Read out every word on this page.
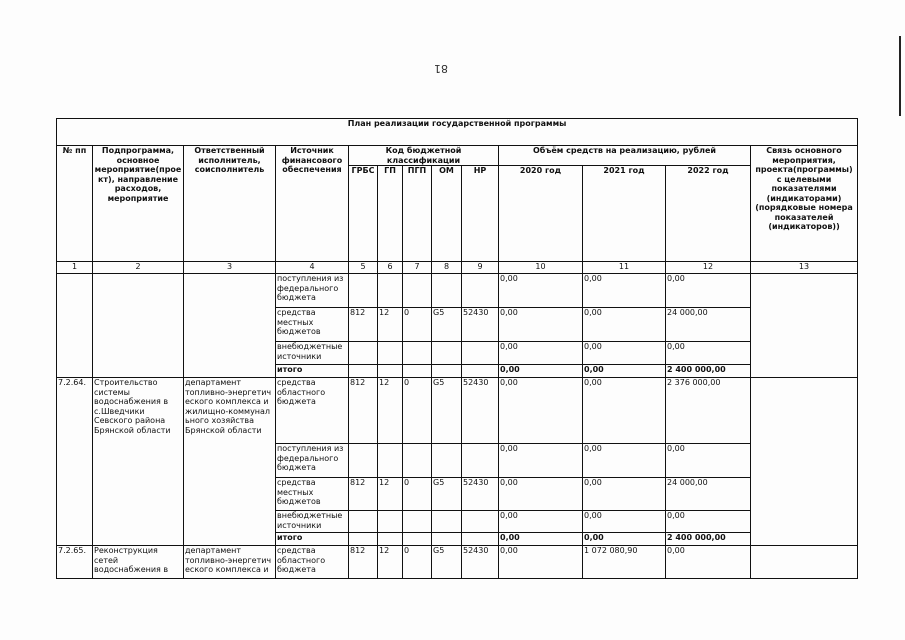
81
План реализации государственной программы												
№ пп	Подпрограмма, основное мероприятие(прое кт), направление расходов, мероприятие	Ответственный исполнитель, соисполнитель	Источник финансового обеспечения	Код бюджетной классификации					Объём средств на реализацию, рублей			Связь основного мероприятия, проекта(программы) с целевыми показателями (индикаторами) (порядковые номера показателей (индикаторов))
				ГРБС	ГП	ПГП	ОМ	НР	2020 год	2021 год	2022 год	
1	2	3	4	5	6	7	8	9	10	11	12	13
			поступления из федерального бюджета						0,00	0,00	0,00	
			средства местных бюджетов	812	12	0	G5	52430	0,00	0,00	24 000,00	
			внебюджетные источники						0,00	0,00	0,00	
			итого						0,00	0,00	2 400 000,00	
7.2.64.	Строительство системы водоснабжения в с.Шведчики Севского района Брянской области	департамент топливно-энергетич еского комплекса и жилищно-коммунал ьного хозяйства Брянской области	средства областного бюджета	812	12	0	G5	52430	0,00	0,00	2 376 000,00	
			поступления из федерального бюджета						0,00	0,00	0,00	
			средства местных бюджетов	812	12	0	G5	52430	0,00	0,00	24 000,00	
			внебюджетные источники						0,00	0,00	0,00	
			итого						0,00	0,00	2 400 000,00	
7.2.65.	Реконструкция сетей водоснабжения в	департамент топливно-энергетич еского комплекса и	средства областного бюджета	812	12	0	G5	52430	0,00	1 072 080,90	0,00	
